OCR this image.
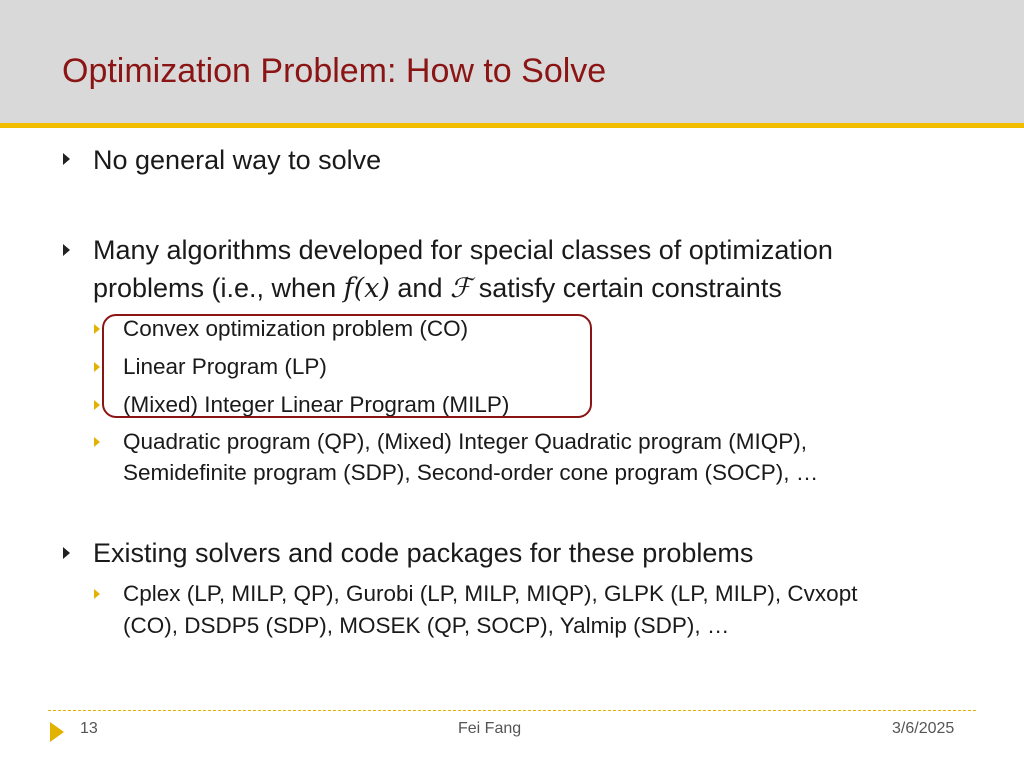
Optimization Problem: How to Solve
No general way to solve
Many algorithms developed for special classes of optimization
problems (i.e., when f(x) and ℱ satisfy certain constraints
Convex optimization problem (CO)
Linear Program (LP)
(Mixed) Integer Linear Program (MILP)
Quadratic program (QP), (Mixed) Integer Quadratic program (MIQP),
Semidefinite program (SDP), Second-order cone program (SOCP), …
Existing solvers and code packages for these problems
Cplex (LP, MILP, QP), Gurobi (LP, MILP, MIQP), GLPK (LP, MILP), Cvxopt
(CO), DSDP5 (SDP), MOSEK (QP, SOCP), Yalmip (SDP), …
13	Fei Fang	3/6/2025
